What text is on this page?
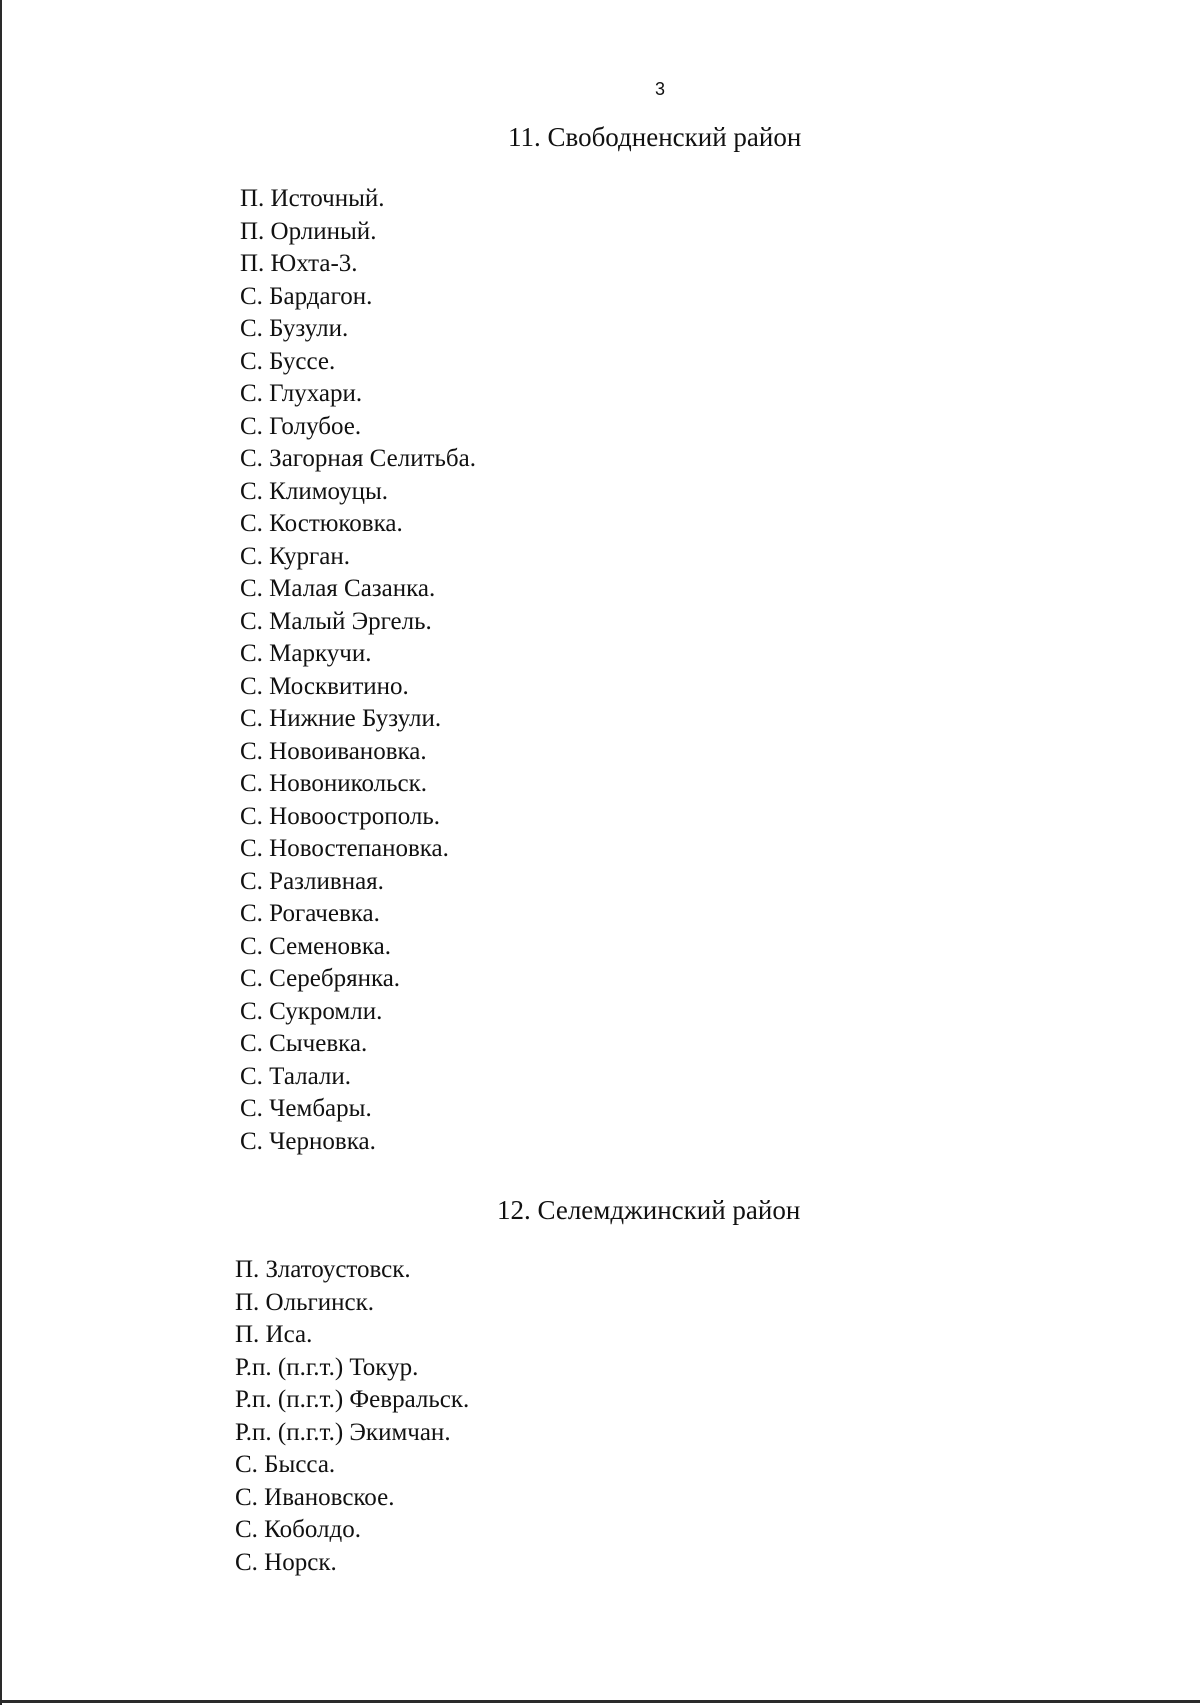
3
11. Свободненский район
П. Источный.
П. Орлиный.
П. Юхта-3.
С. Бардагон.
С. Бузули.
С. Буссе.
С. Глухари.
С. Голубое.
С. Загорная Селитьба.
С. Климоуцы.
С. Костюковка.
С. Курган.
С. Малая Сазанка.
С. Малый Эргель.
С. Маркучи.
С. Москвитино.
С. Нижние Бузули.
С. Новоивановка.
С. Новоникольск.
С. Новоострополь.
С. Новостепановка.
С. Разливная.
С. Рогачевка.
С. Семеновка.
С. Серебрянка.
С. Сукромли.
С. Сычевка.
С. Талали.
С. Чембары.
С. Черновка.
12. Селемджинский район
П. Златоустовск.
П. Ольгинск.
П. Иса.
Р.п. (п.г.т.) Токур.
Р.п. (п.г.т.) Февральск.
Р.п. (п.г.т.) Экимчан.
С. Бысса.
С. Ивановское.
С. Коболдо.
С. Норск.
